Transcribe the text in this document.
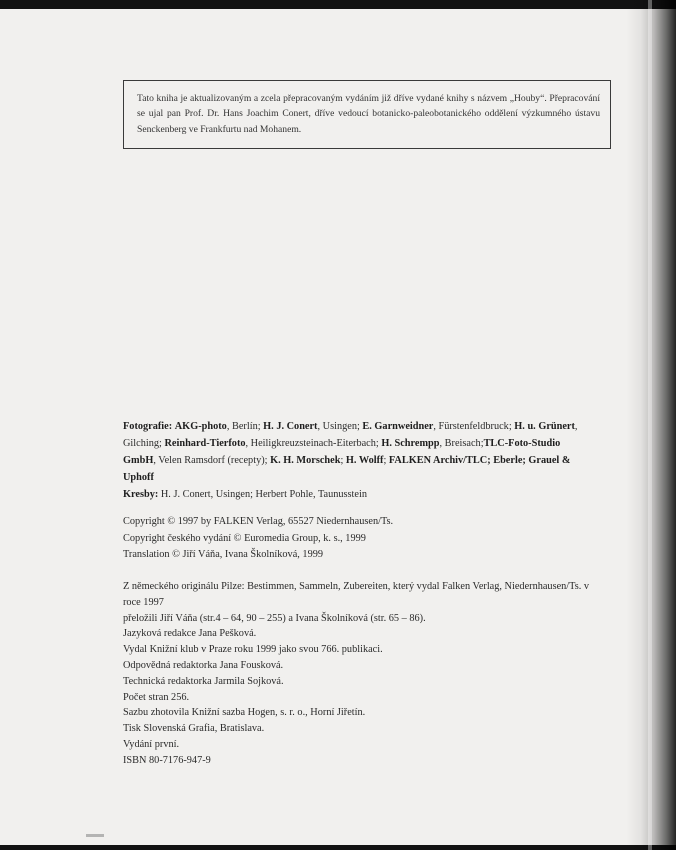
Tato kniha je aktualizovaným a zcela přepracovaným vydáním již dříve vydané knihy s názvem „Houby“. Přepracování se ujal pan Prof. Dr. Hans Joachim Conert, dříve vedoucí botanicko-paleobotanického oddělení výzkumného ústavu Senckenberg ve Frankfurtu nad Mohanem.

Fotografie: AKG-photo, Berlín; H. J. Conert, Usingen; E. Garnweidner, Fürstenfeldbruck; H. u. Grünert, Gilching; Reinhard-Tierfoto, Heiligkreuzsteinach-Eiterbach; H. Schrempp, Breisach;TLC-Foto-Studio GmbH, Velen Ramsdorf (recepty); K. H. Morschek; H. Wolff; FALKEN Archiv/TLC; Eberle; Grauel & Uphoff

Kresby: H. J. Conert, Usingen; Herbert Pohle, Taunusstein

Copyright © 1997 by FALKEN Verlag, 65527 Niedernhausen/Ts.

Copyright českého vydání © Euromedia Group, k. s., 1999

Translation © Jiří Váňa, Ivana Školníková, 1999

Z německého originálu Pilze: Bestimmen, Sammeln, Zubereiten, který vydal Falken Verlag, Niedernhausen/Ts. v roce 1997

přeložili Jiří Váňa (str.4 – 64, 90 – 255) a Ivana Školníková (str. 65 – 86).

Jazyková redakce Jana Pešková.

Vydal Knižní klub v Praze roku 1999 jako svou 766. publikaci.

Odpovědná redaktorka Jana Fousková.

Technická redaktorka Jarmila Sojková.

Počet stran 256.

Sazbu zhotovila Knižní sazba Hogen, s. r. o., Horní Jiřetín.

Tisk Slovenská Grafia, Bratislava.

Vydání první.

ISBN 80-7176-947-9
